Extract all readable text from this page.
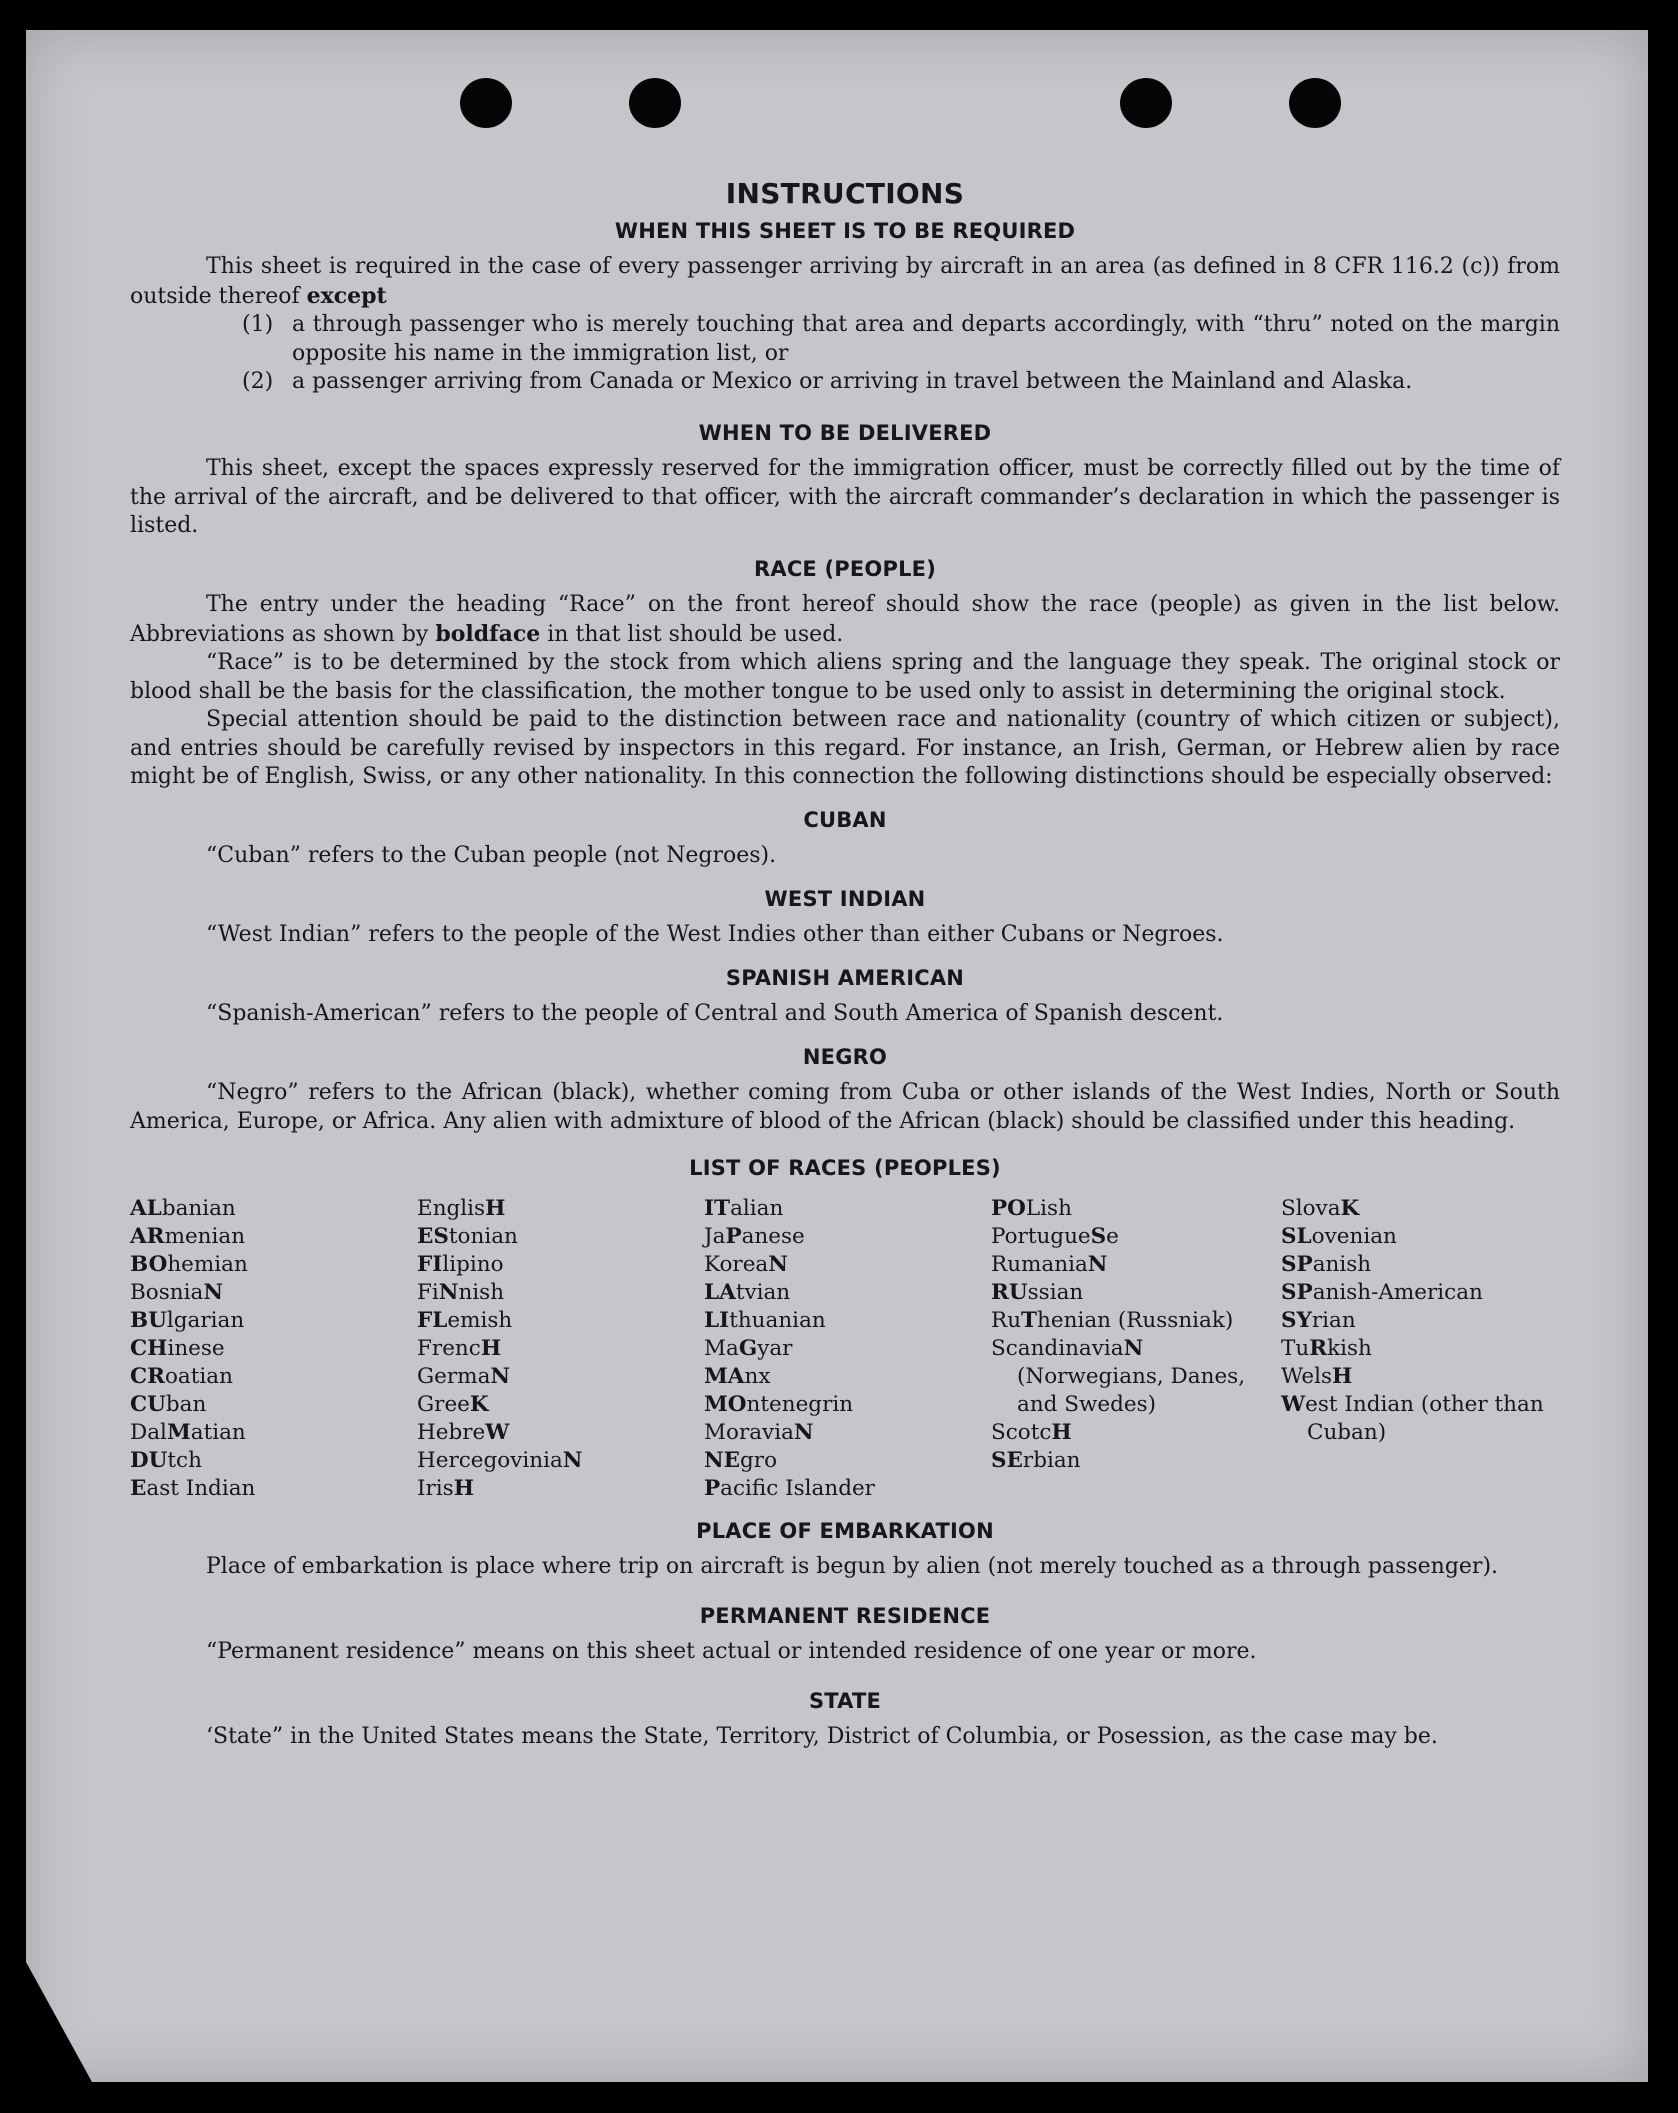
INSTRUCTIONS
WHEN THIS SHEET IS TO BE REQUIRED

This sheet is required in the case of every passenger arriving by aircraft in an area (as defined in 8 CFR 116.2 (c)) from outside thereof except

(1) a through passenger who is merely touching that area and departs accordingly, with “thru” noted on the margin opposite his name in the immigration list, or
(2) a passenger arriving from Canada or Mexico or arriving in travel between the Mainland and Alaska.
WHEN TO BE DELIVERED

This sheet, except the spaces expressly reserved for the immigration officer, must be correctly filled out by the time of the arrival of the aircraft, and be delivered to that officer, with the aircraft commander’s declaration in which the passenger is listed.

RACE (PEOPLE)

The entry under the heading “Race” on the front hereof should show the race (people) as given in the list below. Abbreviations as shown by boldface in that list should be used.

“Race” is to be determined by the stock from which aliens spring and the language they speak. The original stock or blood shall be the basis for the classification, the mother tongue to be used only to assist in determining the original stock.

Special attention should be paid to the distinction between race and nationality (country of which citizen or subject), and entries should be carefully revised by inspectors in this regard. For instance, an Irish, German, or Hebrew alien by race might be of English, Swiss, or any other nationality. In this connection the following distinctions should be especially observed:

CUBAN

“Cuban” refers to the Cuban people (not Negroes).

WEST INDIAN

“West Indian” refers to the people of the West Indies other than either Cubans or Negroes.

SPANISH AMERICAN

“Spanish-American” refers to the people of Central and South America of Spanish descent.

NEGRO

“Negro” refers to the African (black), whether coming from Cuba or other islands of the West Indies, North or South America, Europe, or Africa. Any alien with admixture of blood of the African (black) should be classified under this heading.

LIST OF RACES (PEOPLES)
ALbanian
ARmenian
BOhemian
BosniaN
BUlgarian
CHinese
CRoatian
CUban
DalMatian
DUtch
East Indian
EnglisH
EStonian
FIlipino
FiNnish
FLemish
FrencH
GermaN
GreeK
HebreW
HercegoviniaN
IrisH
ITalian
JaPanese
KoreaN
LAtvian
LIthuanian
MaGyar
MAnx
MOntenegrin
MoraviaN
NEgro
Pacific Islander
POLish
PortugueSe
RumaniaN
RUssian
RuThenian (Russniak)
ScandinaviaN (Norwegians, Danes, and Swedes)
ScotcH
SErbian
SlovaK
SLovenian
SPanish
SPanish-American
SYrian
TuRkish
WelsH
West Indian (other than Cuban)
PLACE OF EMBARKATION

Place of embarkation is place where trip on aircraft is begun by alien (not merely touched as a through passenger).

PERMANENT RESIDENCE

“Permanent residence” means on this sheet actual or intended residence of one year or more.

STATE

‘State” in the United States means the State, Territory, District of Columbia, or Posession, as the case may be.
